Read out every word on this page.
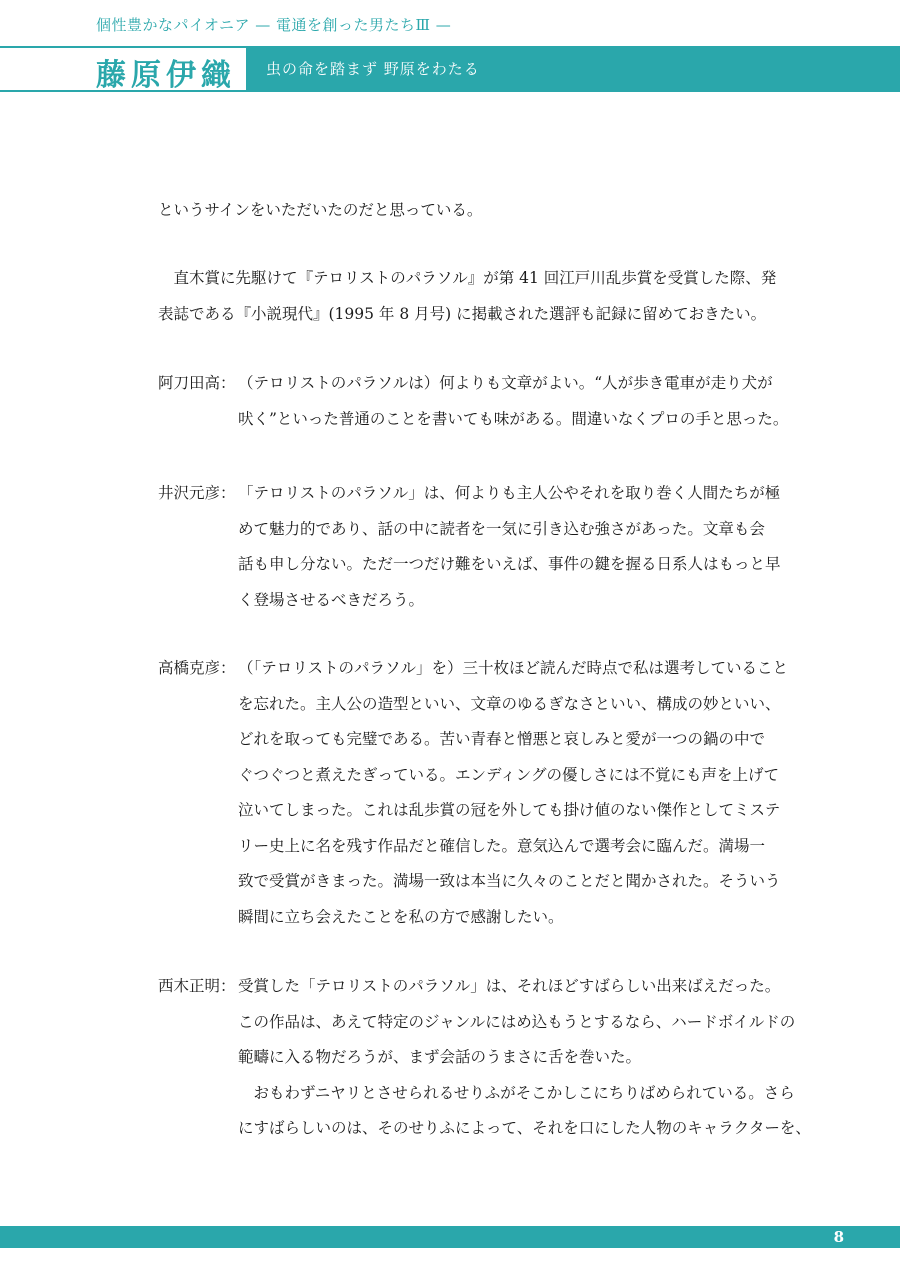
個性豊かなパイオニア — 電通を創った男たちⅢ —
藤原伊織 虫の命を踏まず 野原をわたる
というサインをいただいたのだと思っている。
　直木賞に先駆けて『テロリストのパラソル』が第 41 回江戸川乱歩賞を受賞した際、発
表誌である『小説現代』(1995 年 8 月号) に掲載された選評も記録に留めておきたい。
阿刀田高： （テロリストのパラソルは）何よりも文章がよい。“人が歩き電車が走り犬が
吠く”といった普通のことを書いても味がある。間違いなくプロの手と思った。
井沢元彦： 「テロリストのパラソル」は、何よりも主人公やそれを取り巻く人間たちが極
めて魅力的であり、話の中に読者を一気に引き込む強さがあった。文章も会
話も申し分ない。ただ一つだけ難をいえば、事件の鍵を握る日系人はもっと早
く登場させるべきだろう。
高橋克彦： （「テロリストのパラソル」を）三十枚ほど読んだ時点で私は選考していること
を忘れた。主人公の造型といい、文章のゆるぎなさといい、構成の妙といい、
どれを取っても完璧である。苦い青春と憎悪と哀しみと愛が一つの鍋の中で
ぐつぐつと煮えたぎっている。エンディングの優しさには不覚にも声を上げて
泣いてしまった。これは乱歩賞の冠を外しても掛け値のない傑作としてミステ
リー史上に名を残す作品だと確信した。意気込んで選考会に臨んだ。満場一
致で受賞がきまった。満場一致は本当に久々のことだと聞かされた。そういう
瞬間に立ち会えたことを私の方で感謝したい。
西木正明： 受賞した「テロリストのパラソル」は、それほどすばらしい出来ばえだった。
この作品は、あえて特定のジャンルにはめ込もうとするなら、ハードボイルドの
範疇に入る物だろうが、まず会話のうまさに舌を巻いた。
　おもわずニヤリとさせられるせりふがそこかしこにちりばめられている。さら
にすばらしいのは、そのせりふによって、それを口にした人物のキャラクターを、
8
